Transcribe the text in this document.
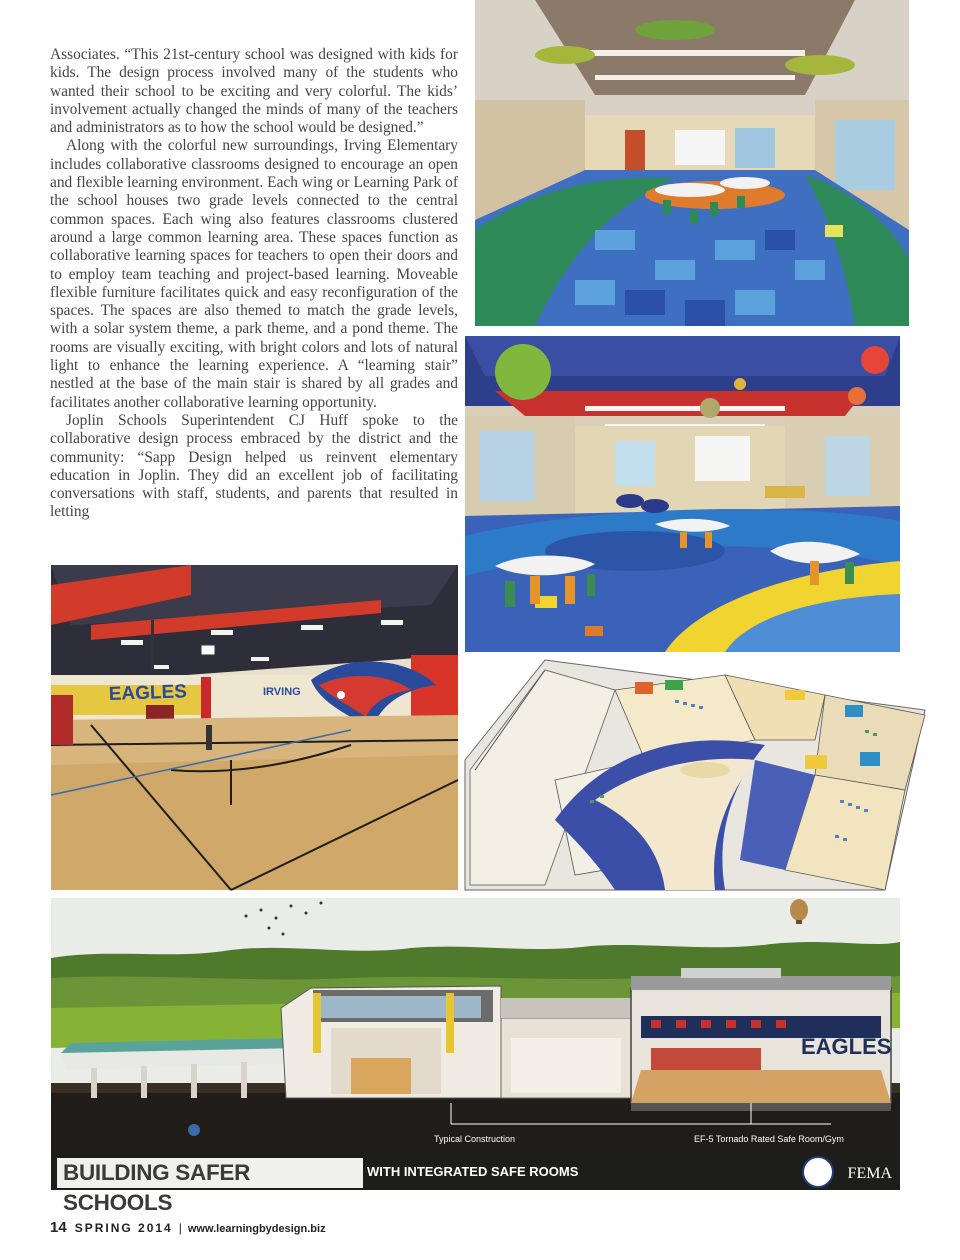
Associates. “This 21st-century school was designed with kids for kids. The design process involved many of the students who wanted their school to be exciting and very colorful. The kids’ involvement actually changed the minds of many of the teachers and administrators as to how the school would be designed.”

Along with the colorful new surroundings, Irving Elementary includes collaborative classrooms designed to encourage an open and flexible learning environment. Each wing or Learning Park of the school houses two grade levels connected to the central common spaces. Each wing also features classrooms clustered around a large common learning area. These spaces function as collaborative learning spaces for teachers to open their doors and to employ team teaching and project-based learning. Moveable flexible furniture facilitates quick and easy reconfiguration of the spaces. The spaces are also themed to match the grade levels, with a solar system theme, a park theme, and a pond theme. The rooms are visually exciting, with bright colors and lots of natural light to enhance the learning experience. A “learning stair” nestled at the base of the main stair is shared by all grades and facilitates another collaborative learning opportunity.

Joplin Schools Superintendent CJ Huff spoke to the collaborative design process embraced by the district and the community: “Sapp Design helped us reinvent elementary education in Joplin. They did an excellent job of facilitating conversations with staff, students, and parents that resulted in letting

EAGLES	IRVING
EAGLES
Typical Construction	EF-5 Tornado Rated Safe Room/Gym
BUILDING SAFER SCHOOLS
WITH INTEGRATED SAFE ROOMS	FEMA
14 SPRING 2014 | www.learningbydesign.biz
